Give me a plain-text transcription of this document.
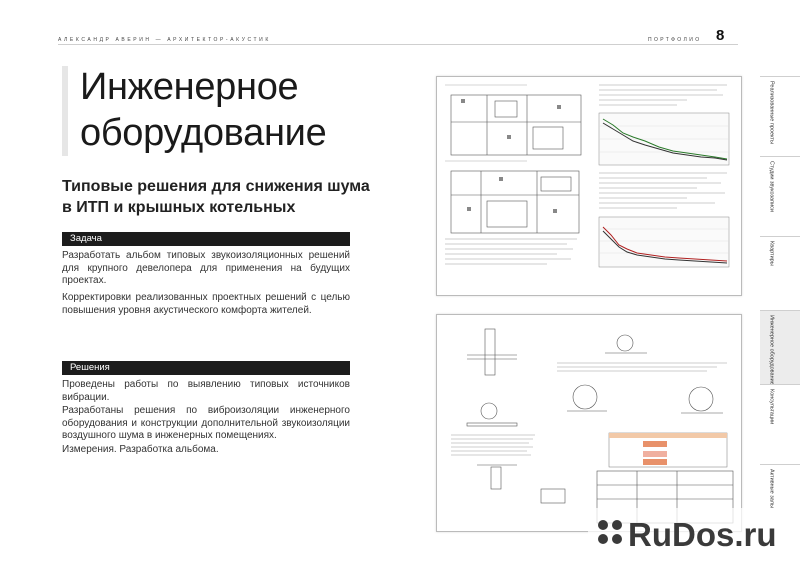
АЛЕКСАНДР АВЕРИН — АРХИТЕКТОР-АКУСТИК	ПОРТФОЛИО 8
Инженерное
оборудование
Типовые решения для снижения шума в ИТП и крышных котельных
Задача
Разработать альбом типовых звукоизоляционных решений для крупного девелопера для применения на будущих проектах.
Корректировки реализованных проектных решений с целью повышения уровня акустического комфорта жителей.
Решения
Проведены работы по выявлению типовых источников вибрации.
Разработаны решения по виброизоляции инженерного оборудования и конструкции дополнительной звукоизоляции воздушного шума в инженерных помещениях.
Измерения. Разработка альбома.
Реализованные проекты
Студии звукозаписи
Квартиры
Инженерное оборудование
Консультации
Активные залы
RuDos.ru
